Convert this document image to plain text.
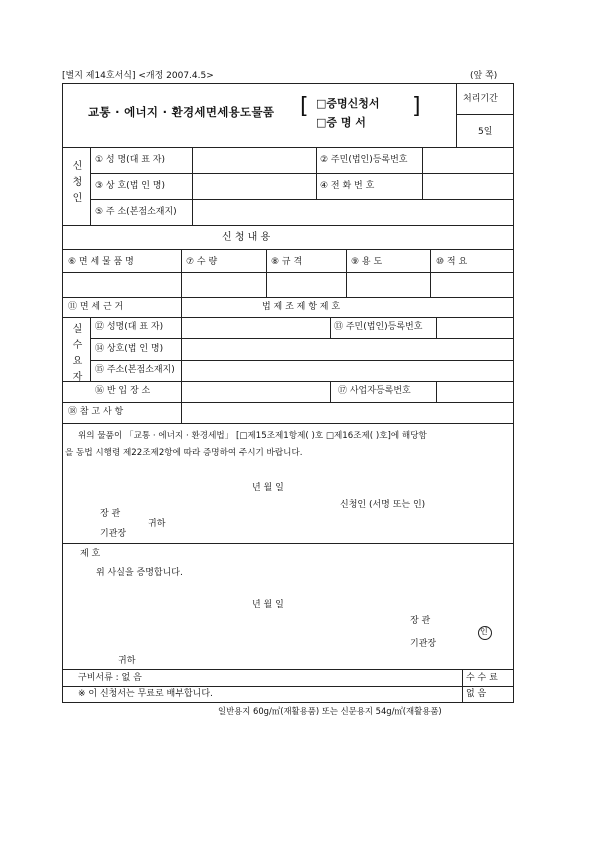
[별지 제14호서식] <개정 2007.4.5>	(앞 쪽)
교통 · 에너지 · 환경세면세용도물품 [	]
□증명신청서
□증 명 서
처리기간
5일
신청인 ① 성 명(대 표 자)	② 주민(법인)등록번호
③ 상 호(법 인 명)	④ 전 화 번 호
⑤ 주 소(본점소재지)
신 청 내 용
⑥ 면 세 물 품 명	⑦ 수 량	⑧ 규 격	⑨ 용 도	⑩ 적 요
⑪ 면 세 근 거	법 제 조 제 항 제 호
실수요자 ⑫ 성명(대 표 자)	⑬ 주민(법인)등록번호
⑭ 상호(법 인 명)
⑮ 주소(본점소재지)
⑯ 반 입 장 소	⑰ 사업자등록번호
⑱ 참 고 사 항
위의 물품이 「교통 · 에너지 · 환경세법」 [□제15조제1항제( )호 □제16조제( )호]에 해당함
을 동법 시행령 제22조제2항에 따라 증명하여 주시기 바랍니다.
년 월 일
신청인 (서명 또는 인)
장 관
귀하
기관장
제 호
위 사실을 증명합니다.
년 월 일
장 관
인
기관장
귀하
구비서류 : 없 음
※ 이 신청서는 무료로 배부합니다.
수 수 료
없 음
일반용지 60g/㎡(재활용품) 또는 신문용지 54g/㎡(재활용품)
